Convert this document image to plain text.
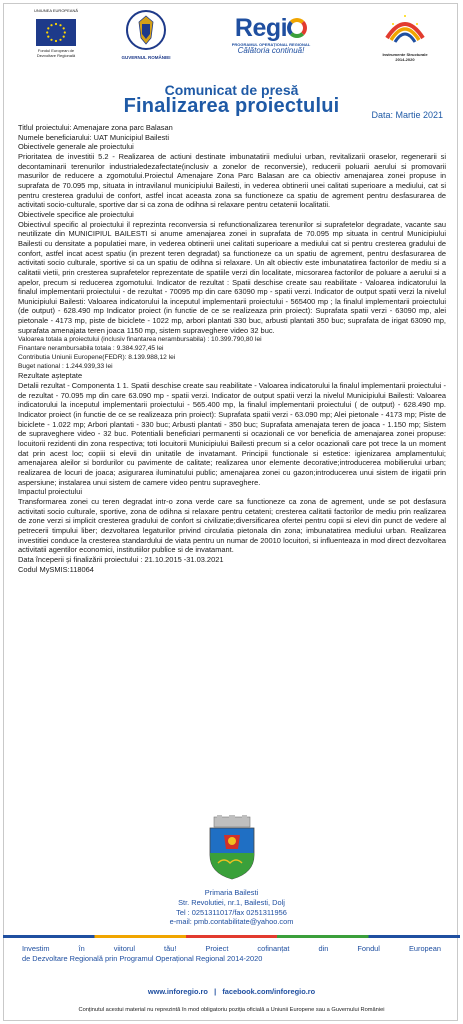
UNIUNEA EUROPEANĂ
Fondul European de
Dezvoltare Regională	GUVERNUL ROMÂNIEI
Regi
PROGRAMUL OPERAȚIONAL REGIONAL
Călătoria continuă!	Instrumente Structurale
2014-2020
Comunicat de presă
Finalizarea proiectului	Data: Martie 2021

Titlul proiectului: Amenajare zona parc Balasan

Numele beneficiarului: UAT Municipiul Bailesti

Obiectivele generale ale proiectului

Prioritatea de investitii 5.2 - Realizarea de actiuni destinate imbunatatirii mediului urban, revitalizarii oraselor, regenerarii si decontaminarii terenurilor industrialedezafectate(inclusiv a zonelor de reconversie), reducerii poluarii aerului si promovarii masurilor de reducere a zgomotului.Proiectul Amenajare Zona Parc Balasan are ca obiectiv amenajarea zonei propuse in suprafata de 70.095 mp, situata in intravilanul municipiului Bailesti, in vederea obtinerii unei calitati superioare a mediului, cat si pentru cresterea gradului de confort, astfel incat aceasta zona sa functioneze ca spatiu de agrement pentru desfasurarea de activitati socio-culturale, sportive dar si ca zona de odihna si relaxare pentru cetatenii localitatii.

Obiectivele specifice ale proiectului

Obiectivul specific al proiectului il reprezinta reconversia si refunctionalizarea terenurilor si suprafetelor degradate, vacante sau neutilizate din MUNICIPIUL BAILESTI si anume amenajarea zonei in suprafata de 70.095 mp situata in centrul Municipiului Bailesti cu densitate a populatiei mare, in vederea obtinerii unei calitati superioare a mediului cat si pentru cresterea gradului de confort, astfel incat acest spatiu (in prezent teren degradat) sa functioneze ca un spatiu de agrement, pentru desfasurarea de activitati socio culturale, sportive si ca un spatiu de odihna si relaxare. Un alt obiectiv este imbunatatirea factorilor de mediu si a calitatii vietii, prin cresterea suprafetelor reprezentate de spatiile verzi din localitate, micsorarea factorilor de poluare a aerului si a apelor, precum si reducerea zgomotului. Indicator de rezultat : Spatii deschise create sau reabilitate - Valoarea indicatorului la finalul implementarii proiectului - de rezultat - 70095 mp din care 63090 mp - spatii verzi. Indicator de output spatii verzi la nivelul Municipiului Bailesti: Valoarea indicatorului la inceputul implementarii proiectului - 565400 mp ; la finalul implementarii proiectului (de output) - 628.490 mp Indicator proiect (in functie de ce se realizeaza prin proiect): Suprafata spatii verzi - 63090 mp, alei pietonale - 4173 mp, piste de biciclete - 1022 mp, arbori plantati 330 buc, arbusti plantati 350 buc; suprafata de irigat 63090 mp, suprafata amenajata teren joaca 1150 mp, sistem supraveghere video 32 buc.

Valoarea totala a proiectului (inclusiv finantarea nerambursabila) : 10.399.790,80 lei

Finantare nerambursabila totala : 9.384.927,45 lei

Contributia Uniunii Europene(FEDR): 8.139.988,12 lei

Buget national : 1.244.939,33 lei

Rezultate așteptate

Detalii rezultat - Componenta 1 1. Spatii deschise create sau reabilitate - Valoarea indicatorului la finalul implementarii proiectului - de rezultat - 70.095 mp din care 63.090 mp - spatii verzi. Indicator de output spatii verzi la nivelul Municipiului Bailesti: Valoarea indicatorului la inceputul implementarii proiectului - 565.400 mp, la finalul implementarii proiectului ( de output) - 628.490 mp. Indicator proiect (in functie de ce se realizeaza prin proiect): Suprafata spatii verzi - 63.090 mp; Alei pietonale - 4173 mp; Piste de biciclete - 1.022 mp; Arbori plantati - 330 buc; Arbusti plantati - 350 buc; Suprafata amenajata teren de joaca - 1.150 mp; Sistem de supraveghere video - 32 buc. Potentialii beneficiari permanenti si ocazionali ce vor beneficia de amenajarea zonei propuse: locuitorii rezidenti din zona respectiva; toti locuitorii Municipiului Bailesti precum si a celor ocazionali care pot trece la un moment dat prin acest loc; copiii si elevii din unitatile de invatamant. Principii functionale si estetice: igienizarea amplamentului; amenajarea aleilor si bordurilor cu pavimente de calitate; realizarea unor elemente decorative;introducerea mobilierului urban; realizarea de locuri de joaca; asigurarea iluminatului public; amenajarea zonei cu gazon;introducerea unui sistem de irigatii prin aspersiune; instalarea unui sistem de camere video pentru supraveghere.

Impactul proiectului

Transformarea zonei cu teren degradat intr-o zona verde care sa functioneze ca zona de agrement, unde se pot desfasura activitati socio culturale, sportive, zona de odihna si relaxare pentru cetateni; cresterea calitatii factorilor de mediu prin realizarea de zone verzi si implicit cresterea gradului de confort si civilizatie;diversificarea ofertei pentru copii si elevi din punct de vedere al petrecerii timpului liber; dezvoltarea legaturilor privind circulatia pietonala din zona; imbunatatirea mediului urban. Realizarea investitiei conduce la cresterea standardului de viata pentru un numar de 20010 locuitori, si influenteaza in mod direct dezvoltarea activitatii agentilor economici, institutiilor publice si de invatamant.

Data începerii și finalizării proiectului : 21.10.2015 -31.03.2021

Codul MySMIS:118064

Primaria Bailesti
Str. Revolutiei, nr.1, Bailesti, Dolj
Tel : 0251311017/fax 0251311956
e-mail: pmb.contabilitate@yahoo.com
Investim în viitorul tău! Proiect cofinanțat din Fondul European
de Dezvoltare Regională prin Programul Operațional Regional 2014-2020
www.inforegio.ro | facebook.com/inforegio.ro
Conținutul acestui material nu reprezintă în mod obligatoriu poziția oficială a Uniunii Europene sau a Guvernului României
